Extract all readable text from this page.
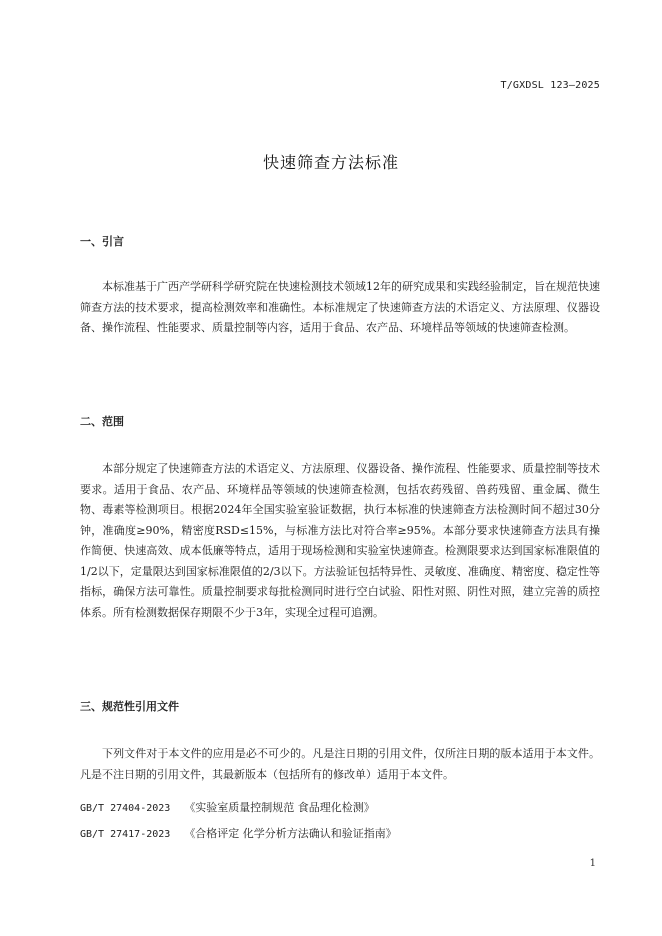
T/GXDSL 123—2025
快速筛查方法标准
一、引言
本标准基于广西产学研科学研究院在快速检测技术领域12年的研究成果和实践经验制定，旨在规范快速筛查方法的技术要求，提高检测效率和准确性。本标准规定了快速筛查方法的术语定义、方法原理、仪器设备、操作流程、性能要求、质量控制等内容，适用于食品、农产品、环境样品等领域的快速筛查检测。
二、范围
本部分规定了快速筛查方法的术语定义、方法原理、仪器设备、操作流程、性能要求、质量控制等技术要求。适用于食品、农产品、环境样品等领域的快速筛查检测，包括农药残留、兽药残留、重金属、微生物、毒素等检测项目。根据2024年全国实验室验证数据，执行本标准的快速筛查方法检测时间不超过30分钟，准确度≥90%，精密度RSD≤15%，与标准方法比对符合率≥95%。本部分要求快速筛查方法具有操作简便、快速高效、成本低廉等特点，适用于现场检测和实验室快速筛查。检测限要求达到国家标准限值的1/2以下，定量限达到国家标准限值的2/3以下。方法验证包括特异性、灵敏度、准确度、精密度、稳定性等指标，确保方法可靠性。质量控制要求每批检测同时进行空白试验、阳性对照、阴性对照，建立完善的质控体系。所有检测数据保存期限不少于3年，实现全过程可追溯。
三、规范性引用文件
下列文件对于本文件的应用是必不可少的。凡是注日期的引用文件，仅所注日期的版本适用于本文件。凡是不注日期的引用文件，其最新版本（包括所有的修改单）适用于本文件。
GB/T 27404-2023 《实验室质量控制规范 食品理化检测》
GB/T 27417-2023 《合格评定 化学分析方法确认和验证指南》
1
